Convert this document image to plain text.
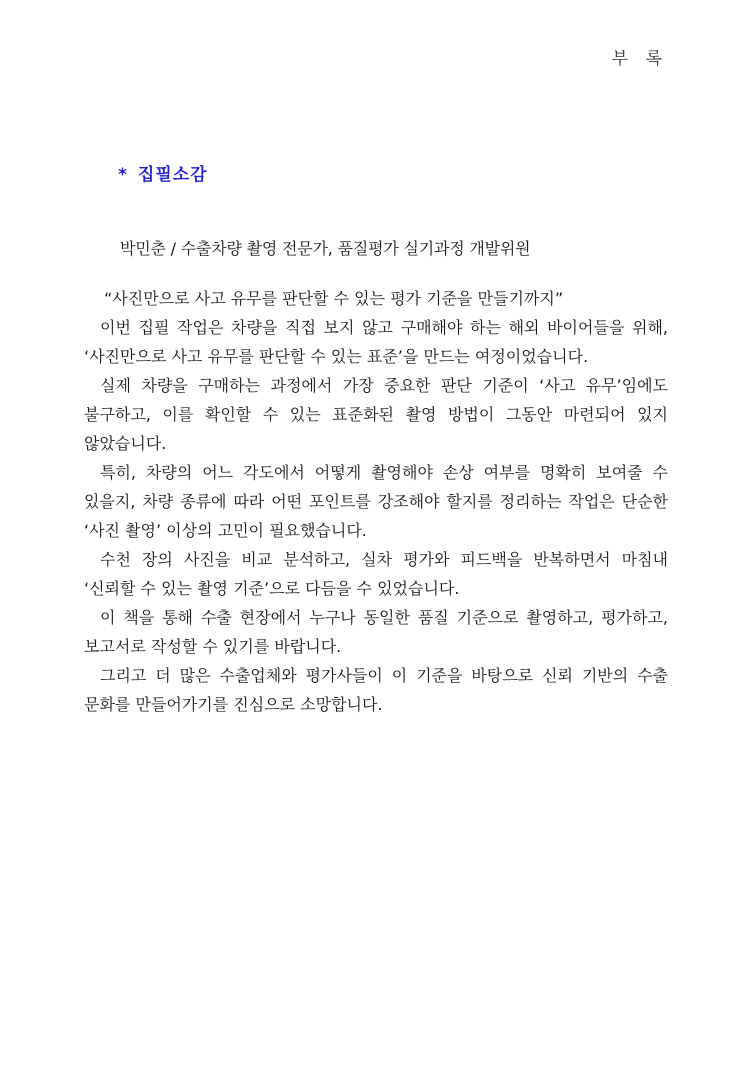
부 록
* 집필소감
박민춘 / 수출차량 촬영 전문가, 품질평가 실기과정 개발위원

“사진만으로 사고 유무를 판단할 수 있는 평가 기준을 만들기까지”

이번 집필 작업은 차량을 직접 보지 않고 구매해야 하는 해외 바이어들을 위해, ‘사진만으로 사고 유무를 판단할 수 있는 표준’을 만드는 여정이었습니다.

실제 차량을 구매하는 과정에서 가장 중요한 판단 기준이 ‘사고 유무’임에도 불구하고, 이를 확인할 수 있는 표준화된 촬영 방법이 그동안 마련되어 있지 않았습니다.

특히, 차량의 어느 각도에서 어떻게 촬영해야 손상 여부를 명확히 보여줄 수 있을지, 차량 종류에 따라 어떤 포인트를 강조해야 할지를 정리하는 작업은 단순한 ‘사진 촬영’ 이상의 고민이 필요했습니다.

수천 장의 사진을 비교 분석하고, 실차 평가와 피드백을 반복하면서 마침내 ‘신뢰할 수 있는 촬영 기준’으로 다듬을 수 있었습니다.

이 책을 통해 수출 현장에서 누구나 동일한 품질 기준으로 촬영하고, 평가하고, 보고서로 작성할 수 있기를 바랍니다.

그리고 더 많은 수출업체와 평가사들이 이 기준을 바탕으로 신뢰 기반의 수출 문화를 만들어가기를 진심으로 소망합니다.
